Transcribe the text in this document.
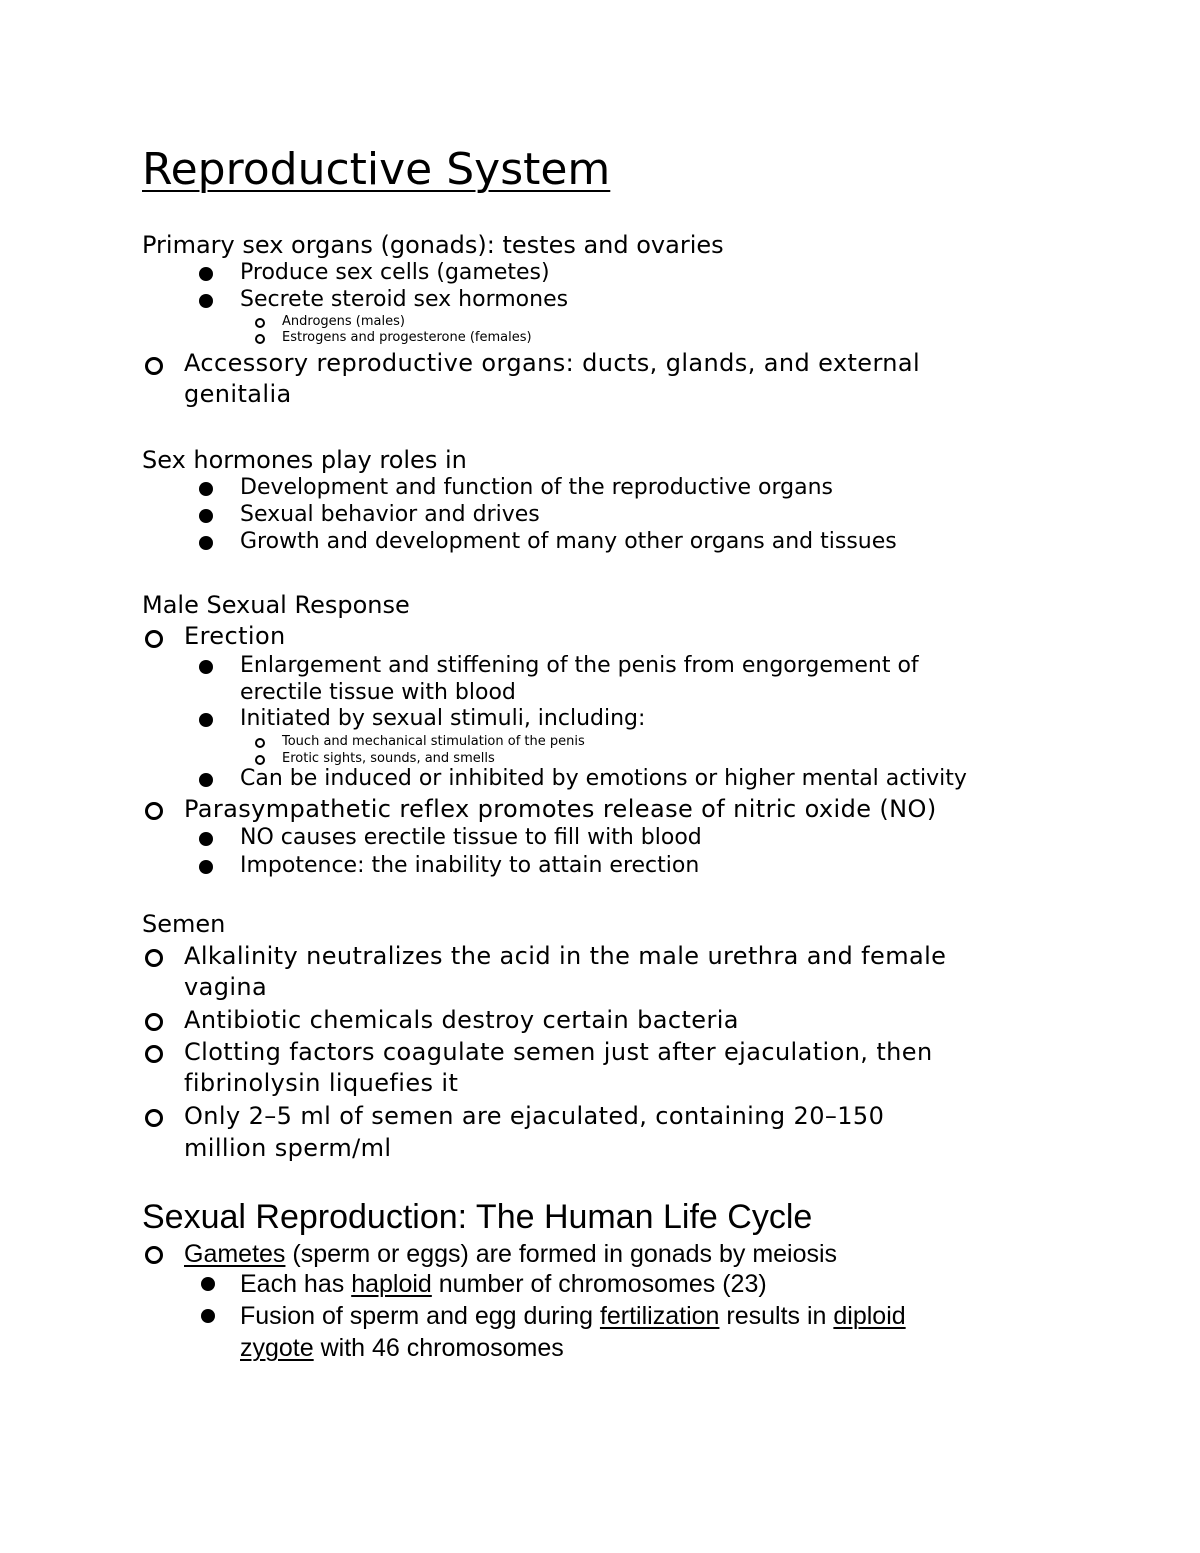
Reproductive System
Primary sex organs (gonads): testes and ovaries
Produce sex cells (gametes)
Secrete steroid sex hormones
Androgens (males)
Estrogens and progesterone (females)
Accessory reproductive organs: ducts, glands, and external
genitalia
Sex hormones play roles in
Development and function of the reproductive organs
Sexual behavior and drives
Growth and development of many other organs and tissues
Male Sexual Response
Erection
Enlargement and stiffening of the penis from engorgement of
erectile tissue with blood
Initiated by sexual stimuli, including:
Touch and mechanical stimulation of the penis
Erotic sights, sounds, and smells
Can be induced or inhibited by emotions or higher mental activity
Parasympathetic reflex promotes release of nitric oxide (NO)
NO causes erectile tissue to fill with blood
Impotence: the inability to attain erection
Semen
Alkalinity neutralizes the acid in the male urethra and female
vagina
Antibiotic chemicals destroy certain bacteria
Clotting factors coagulate semen just after ejaculation, then
fibrinolysin liquefies it
Only 2–5 ml of semen are ejaculated, containing 20–150
million sperm/ml
Sexual Reproduction: The Human Life Cycle
Gametes (sperm or eggs) are formed in gonads by meiosis
Each has haploid number of chromosomes (23)
Fusion of sperm and egg during fertilization results in diploid
zygote with 46 chromosomes
